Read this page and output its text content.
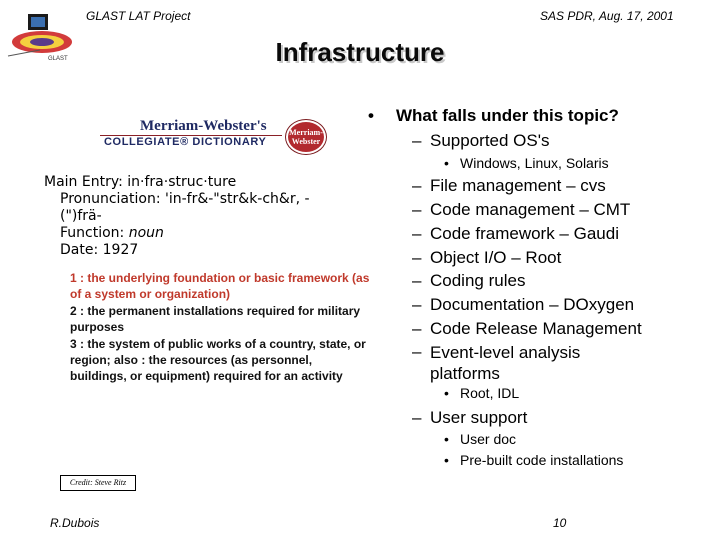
GLAST
GLAST LAT Project	SAS PDR, Aug. 17, 2001
Infrastructure
Merriam-Webster's
COLLEGIATE® DICTIONARY
Merriam-Webster
Main Entry: in·fra·struc·ture
Pronunciation: 'in-fr&-"str&k-ch&r, -
(")frä-
Function: noun
Date: 1927
1 : the underlying foundation or basic framework (as of a system or organization)
2 : the permanent installations required for military purposes
3 : the system of public works of a country, state, or region; also : the resources (as personnel, buildings, or equipment) required for an activity
• What falls under this topic?
– Supported OS's
• Windows, Linux, Solaris
– File management – cvs
– Code management – CMT
– Code framework – Gaudi
– Object I/O – Root
– Coding rules
– Documentation – DOxygen
– Code Release Management
– Event-level analysis platforms
• Root, IDL
– User support
• User doc
• Pre-built code installations
Credit: Steve Ritz
R.Dubois	10
